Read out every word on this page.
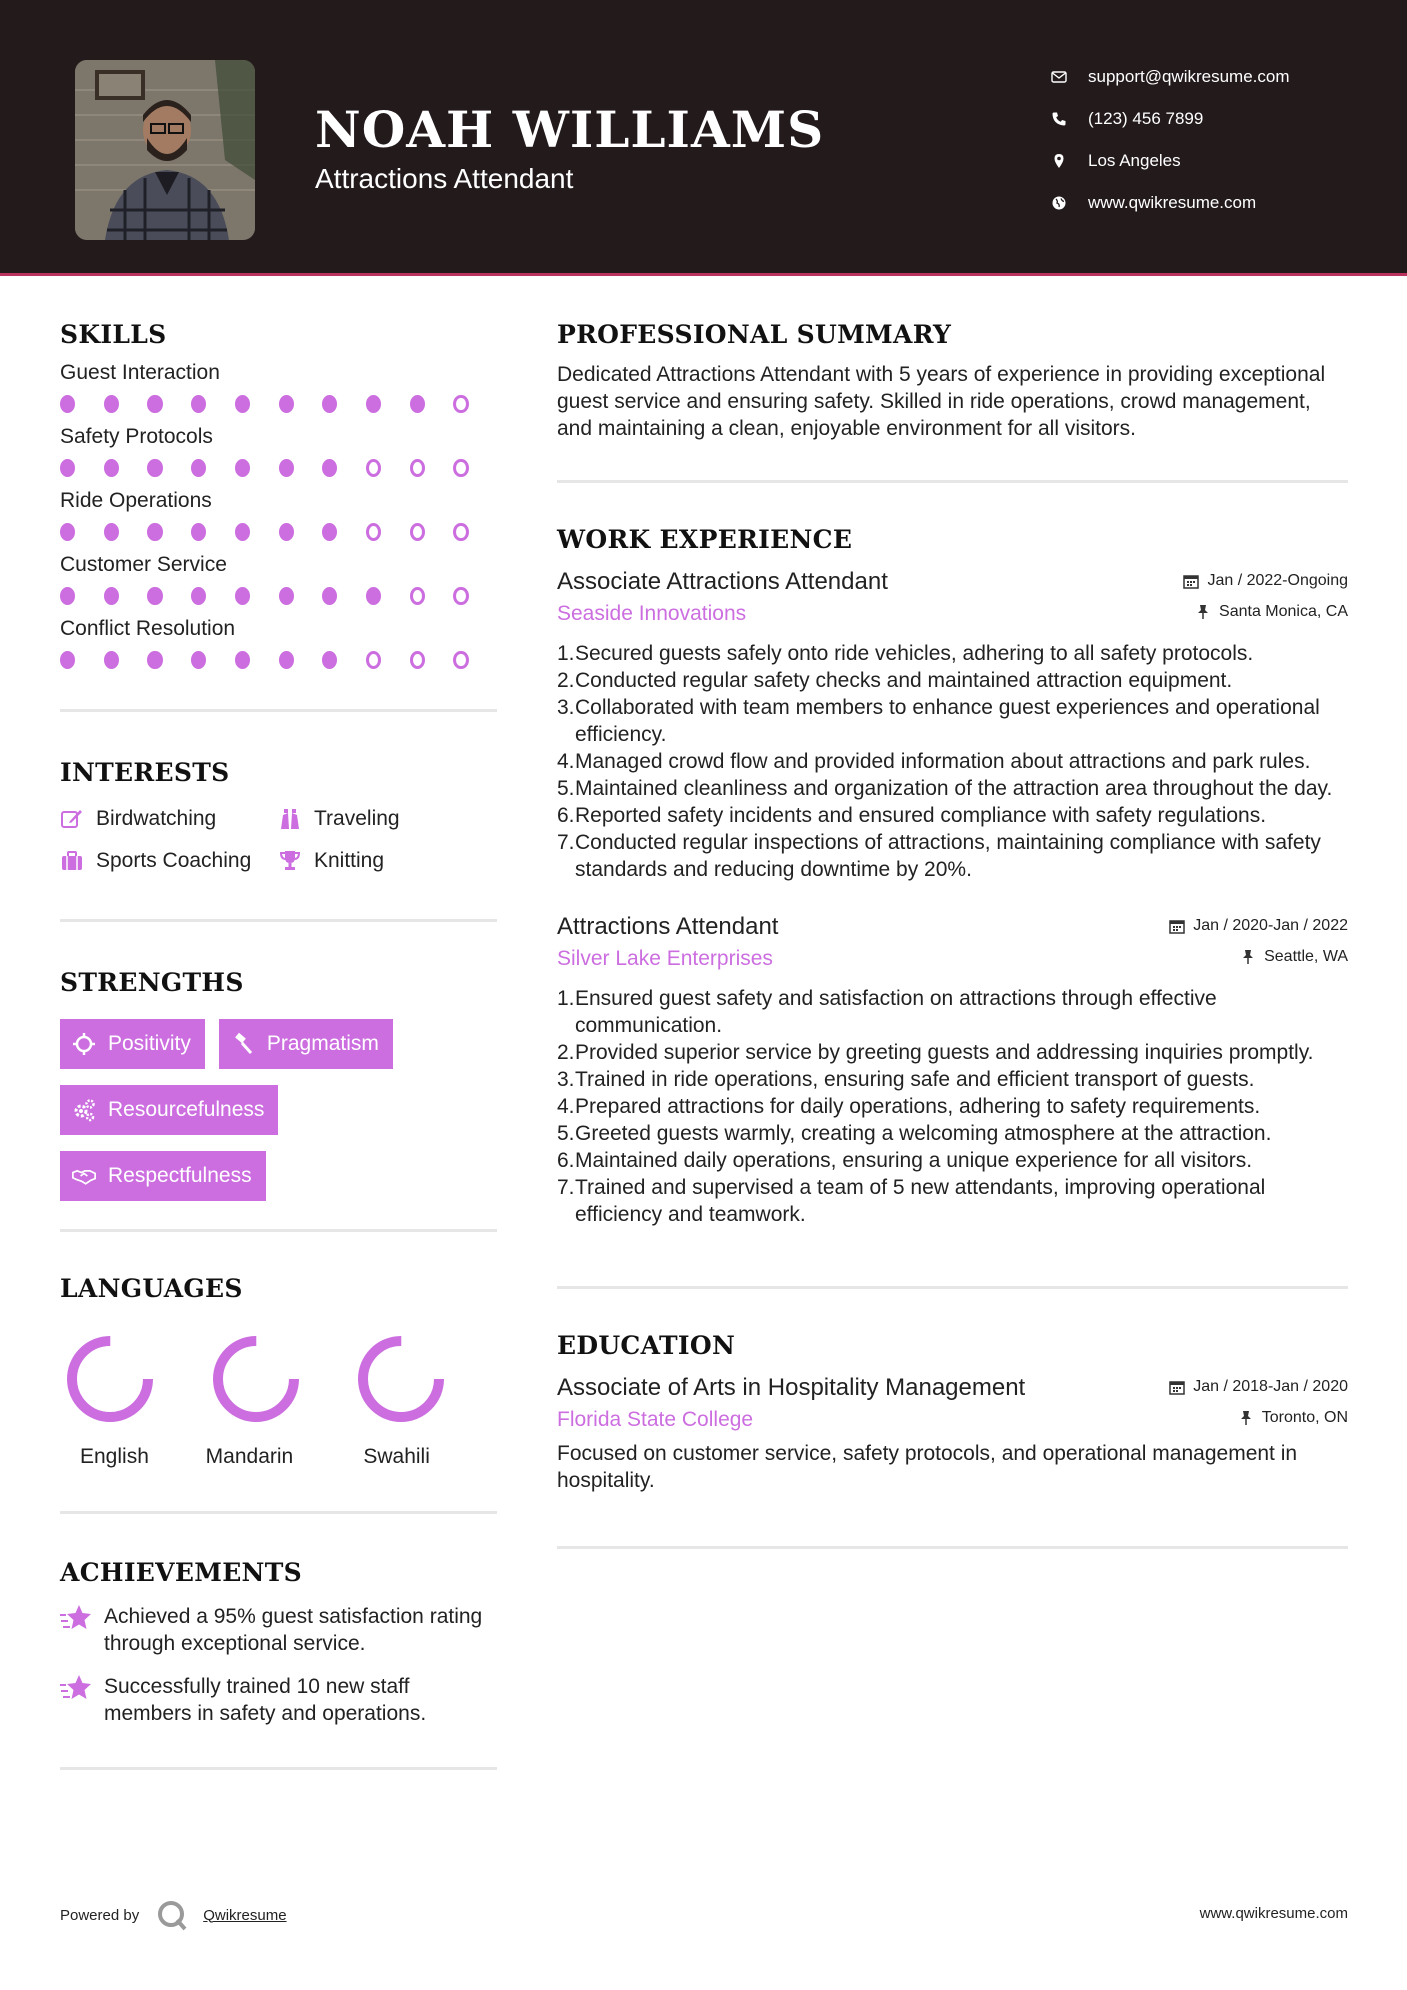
NOAH WILLIAMS
Attractions Attendant
support@qwikresume.com
(123) 456 7899
Los Angeles
www.qwikresume.com
SKILLS
Guest Interaction
Safety Protocols
Ride Operations
Customer Service
Conflict Resolution
INTERESTS
Birdwatching	Traveling
Sports Coaching	Knitting
STRENGTHS
Positivity	Pragmatism
Resourcefulness
Respectfulness
LANGUAGES
English	Mandarin	Swahili
ACHIEVEMENTS
Achieved a 95% guest satisfaction rating through exceptional service.
Successfully trained 10 new staff members in safety and operations.
PROFESSIONAL SUMMARY
Dedicated Attractions Attendant with 5 years of experience in providing exceptional guest service and ensuring safety. Skilled in ride operations, crowd management, and maintaining a clean, enjoyable environment for all visitors.
WORK EXPERIENCE
Associate Attractions Attendant	Jan / 2022-Ongoing
Seaside Innovations	Santa Monica, CA
1. Secured guests safely onto ride vehicles, adhering to all safety protocols.
2. Conducted regular safety checks and maintained attraction equipment.
3. Collaborated with team members to enhance guest experiences and operational efficiency.
4. Managed crowd flow and provided information about attractions and park rules.
5. Maintained cleanliness and organization of the attraction area throughout the day.
6. Reported safety incidents and ensured compliance with safety regulations.
7. Conducted regular inspections of attractions, maintaining compliance with safety standards and reducing downtime by 20%.
Attractions Attendant	Jan / 2020-Jan / 2022
Silver Lake Enterprises	Seattle, WA
1. Ensured guest safety and satisfaction on attractions through effective communication.
2. Provided superior service by greeting guests and addressing inquiries promptly.
3. Trained in ride operations, ensuring safe and efficient transport of guests.
4. Prepared attractions for daily operations, adhering to safety requirements.
5. Greeted guests warmly, creating a welcoming atmosphere at the attraction.
6. Maintained daily operations, ensuring a unique experience for all visitors.
7. Trained and supervised a team of 5 new attendants, improving operational efficiency and teamwork.
EDUCATION
Associate of Arts in Hospitality Management	Jan / 2018-Jan / 2020
Florida State College	Toronto, ON
Focused on customer service, safety protocols, and operational management in hospitality.
Powered by	Qwikresume	www.qwikresume.com
